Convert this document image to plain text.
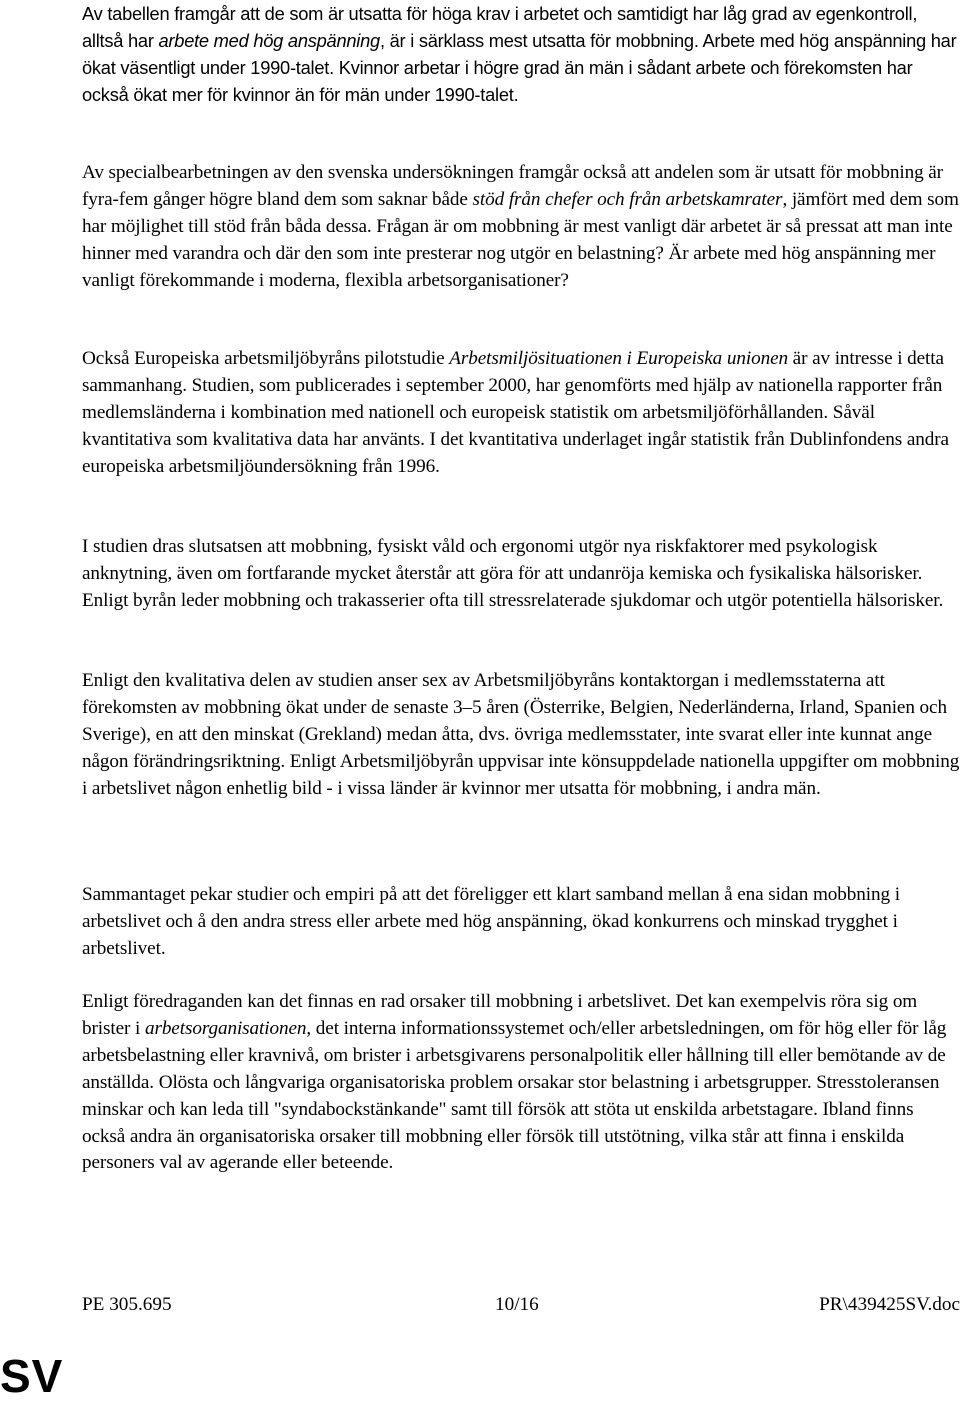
Av tabellen framgår att de som är utsatta för höga krav i arbetet och samtidigt har låg grad av egenkontroll, alltså har arbete med hög anspänning, är i särklass mest utsatta för mobbning. Arbete med hög anspänning har ökat väsentligt under 1990-talet. Kvinnor arbetar i högre grad än män i sådant arbete och förekomsten har också ökat mer för kvinnor än för män under 1990-talet.

Av specialbearbetningen av den svenska undersökningen framgår också att andelen som är utsatt för mobbning är fyra-fem gånger högre bland dem som saknar både stöd från chefer och från arbetskamrater, jämfört med dem som har möjlighet till stöd från båda dessa. Frågan är om mobbning är mest vanligt där arbetet är så pressat att man inte hinner med varandra och där den som inte presterar nog utgör en belastning? Är arbete med hög anspänning mer vanligt förekommande i moderna, flexibla arbetsorganisationer?

Också Europeiska arbetsmiljöbyråns pilotstudie Arbetsmiljösituationen i Europeiska unionen är av intresse i detta sammanhang. Studien, som publicerades i september 2000, har genomförts med hjälp av nationella rapporter från medlemsländerna i kombination med nationell och europeisk statistik om arbetsmiljöförhållanden. Såväl kvantitativa som kvalitativa data har använts. I det kvantitativa underlaget ingår statistik från Dublinfondens andra europeiska arbetsmiljöundersökning från 1996.

I studien dras slutsatsen att mobbning, fysiskt våld och ergonomi utgör nya riskfaktorer med psykologisk anknytning, även om fortfarande mycket återstår att göra för att undanröja kemiska och fysikaliska hälsorisker. Enligt byrån leder mobbning och trakasserier ofta till stressrelaterade sjukdomar och utgör potentiella hälsorisker.

Enligt den kvalitativa delen av studien anser sex av Arbetsmiljöbyråns kontaktorgan i medlemsstaterna att förekomsten av mobbning ökat under de senaste 3–5 åren (Österrike, Belgien, Nederländerna, Irland, Spanien och Sverige), en att den minskat (Grekland) medan åtta, dvs. övriga medlemsstater, inte svarat eller inte kunnat ange någon förändringsriktning. Enligt Arbetsmiljöbyrån uppvisar inte könsuppdelade nationella uppgifter om mobbning i arbetslivet någon enhetlig bild - i vissa länder är kvinnor mer utsatta för mobbning, i andra män.

Sammantaget pekar studier och empiri på att det föreligger ett klart samband mellan å ena sidan mobbning i arbetslivet och å den andra stress eller arbete med hög anspänning, ökad konkurrens och minskad trygghet i arbetslivet.

Enligt föredraganden kan det finnas en rad orsaker till mobbning i arbetslivet. Det kan exempelvis röra sig om brister i arbetsorganisationen, det interna informationssystemet och/eller arbetsledningen, om för hög eller för låg arbetsbelastning eller kravnivå, om brister i arbetsgivarens personalpolitik eller hållning till eller bemötande av de anställda. Olösta och långvariga organisatoriska problem orsakar stor belastning i arbetsgrupper. Stresstoleransen minskar och kan leda till "syndabockstänkande" samt till försök att stöta ut enskilda arbetstagare. Ibland finns också andra än organisatoriska orsaker till mobbning eller försök till utstötning, vilka står att finna i enskilda personers val av agerande eller beteende.

PE 305.695	10/16	PR\439425SV.doc
SV
